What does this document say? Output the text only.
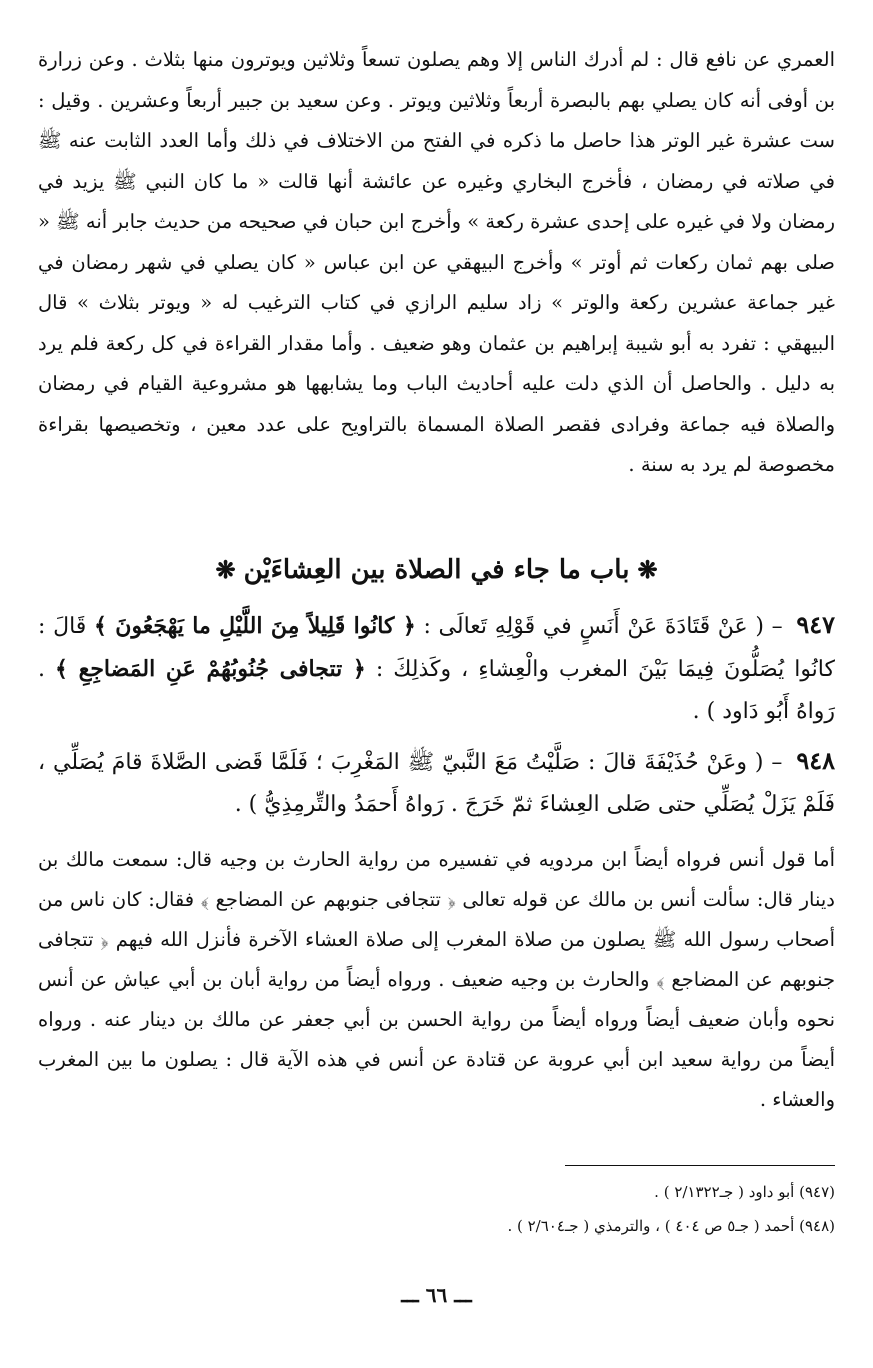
العمري عن نافع قال : لم أدرك الناس إلا وهم يصلون تسعاً وثلاثين ويوترون منها بثلاث . وعن زرارة بن أوفى أنه كان يصلي بهم بالبصرة أربعاً وثلاثين ويوتر . وعن سعيد بن جبير أربعاً وعشرين . وقيل : ست عشرة غير الوتر هذا حاصل ما ذكره في الفتح من الاختلاف في ذلك وأما العدد الثابت عنه ﷺ في صلاته في رمضان ، فأخرج البخاري وغيره عن عائشة أنها قالت « ما كان النبي ﷺ يزيد في رمضان ولا في غيره على إحدى عشرة ركعة » وأخرج ابن حبان في صحيحه من حديث جابر أنه ﷺ « صلى بهم ثمان ركعات ثم أوتر » وأخرج البيهقي عن ابن عباس « كان يصلي في شهر رمضان في غير جماعة عشرين ركعة والوتر » زاد سليم الرازي في كتاب الترغيب له « ويوتر بثلاث » قال البيهقي : تفرد به أبو شيبة إبراهيم بن عثمان وهو ضعيف . وأما مقدار القراءة في كل ركعة فلم يرد به دليل . والحاصل أن الذي دلت عليه أحاديث الباب وما يشابهها هو مشروعية القيام في رمضان والصلاة فيه جماعة وفرادى فقصر الصلاة المسماة بالتراويح على عدد معين ، وتخصيصها بقراءة مخصوصة لم يرد به سنة .

❋باب ما جاء في الصلاة بين العِشاءَيْن❋

٩٤٧ – ( عَنْ قَتَادَةَ عَنْ أَنَسٍ في قَوْلِهِ تَعالَى : ﴿ كانُوا قَلِيلاً مِنَ اللَّيْلِ ما يَهْجَعُونَ ﴾ قَالَ : كانُوا يُصَلُّونَ فِيمَا بَيْنَ المغرب والْعِشاءِ ، وكَذلِكَ : ﴿ تتجافى جُنُوبُهُمْ عَنِ المَضاجِعِ ﴾ . رَواهُ أَبُو دَاود ) .

٩٤٨ – ( وعَنْ حُذَيْفَةَ قالَ : صَلَّيْتُ مَعَ النَّبيّ ﷺ المَغْرِبَ ؛ فَلَمَّا قَضى الصَّلاةَ قامَ يُصَلِّي ، فَلَمْ يَزَلْ يُصَلِّي حتى صَلى العِشاءَ ثمّ خَرَجَ . رَواهُ أَحمَدُ والتِّرمِذِيُّ ) .

أما قول أنس فرواه أيضاً ابن مردويه في تفسيره من رواية الحارث بن وجيه قال: سمعت مالك بن دينار قال: سألت أنس بن مالك عن قوله تعالى ﴿ تتجافى جنوبهم عن المضاجع ﴾ فقال: كان ناس من أصحاب رسول الله ﷺ يصلون من صلاة المغرب إلى صلاة العشاء الآخرة فأنزل الله فيهم ﴿ تتجافى جنوبهم عن المضاجع ﴾ والحارث بن وجيه ضعيف . ورواه أيضاً من رواية أبان بن أبي عياش عن أنس نحوه وأبان ضعيف أيضاً ورواه أيضاً من رواية الحسن بن أبي جعفر عن مالك بن دينار عنه . ورواه أيضاً من رواية سعيد ابن أبي عروبة عن قتادة عن أنس في هذه الآية قال : يصلون ما بين المغرب والعشاء .

(٩٤٧) أبو داود ( جـ٢/١٣٢٢ ) .

(٩٤٨) أحمد ( جـ٥ ص ٤٠٤ ) ، والترمذي ( جـ٢/٦٠٤ ) .

ـــ ٦٦ ـــ
